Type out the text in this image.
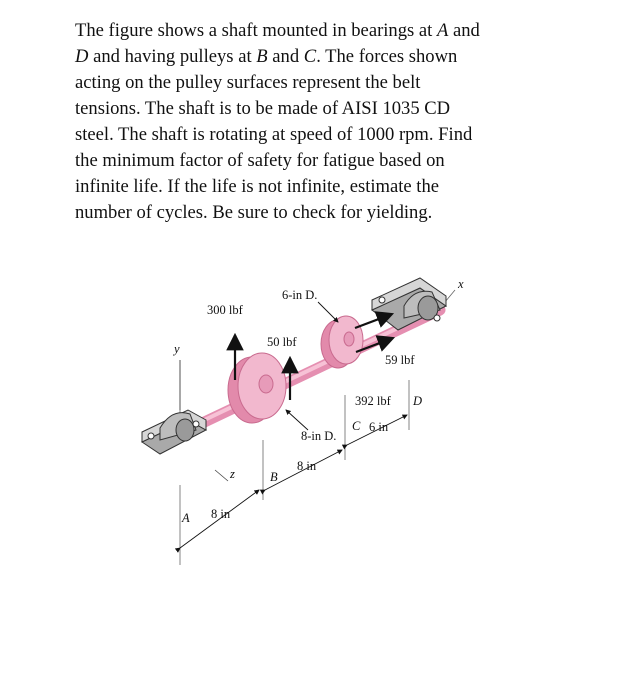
The figure shows a shaft mounted in bearings at A and
D and having pulleys at B and C. The forces shown
acting on the pulley surfaces represent the belt
tensions. The shaft is to be made of AISI 1035 CD
steel. The shaft is rotating at speed of 1000 rpm. Find
the minimum factor of safety for fatigue based on
infinite life. If the life is not infinite, estimate the
number of cycles. Be sure to check for yielding.
300 lbf
50 lbf
6-in D.
59 lbf
392 lbf D
C 6 in
8-in D.
8 in
B
8 in
A
x
y
z
